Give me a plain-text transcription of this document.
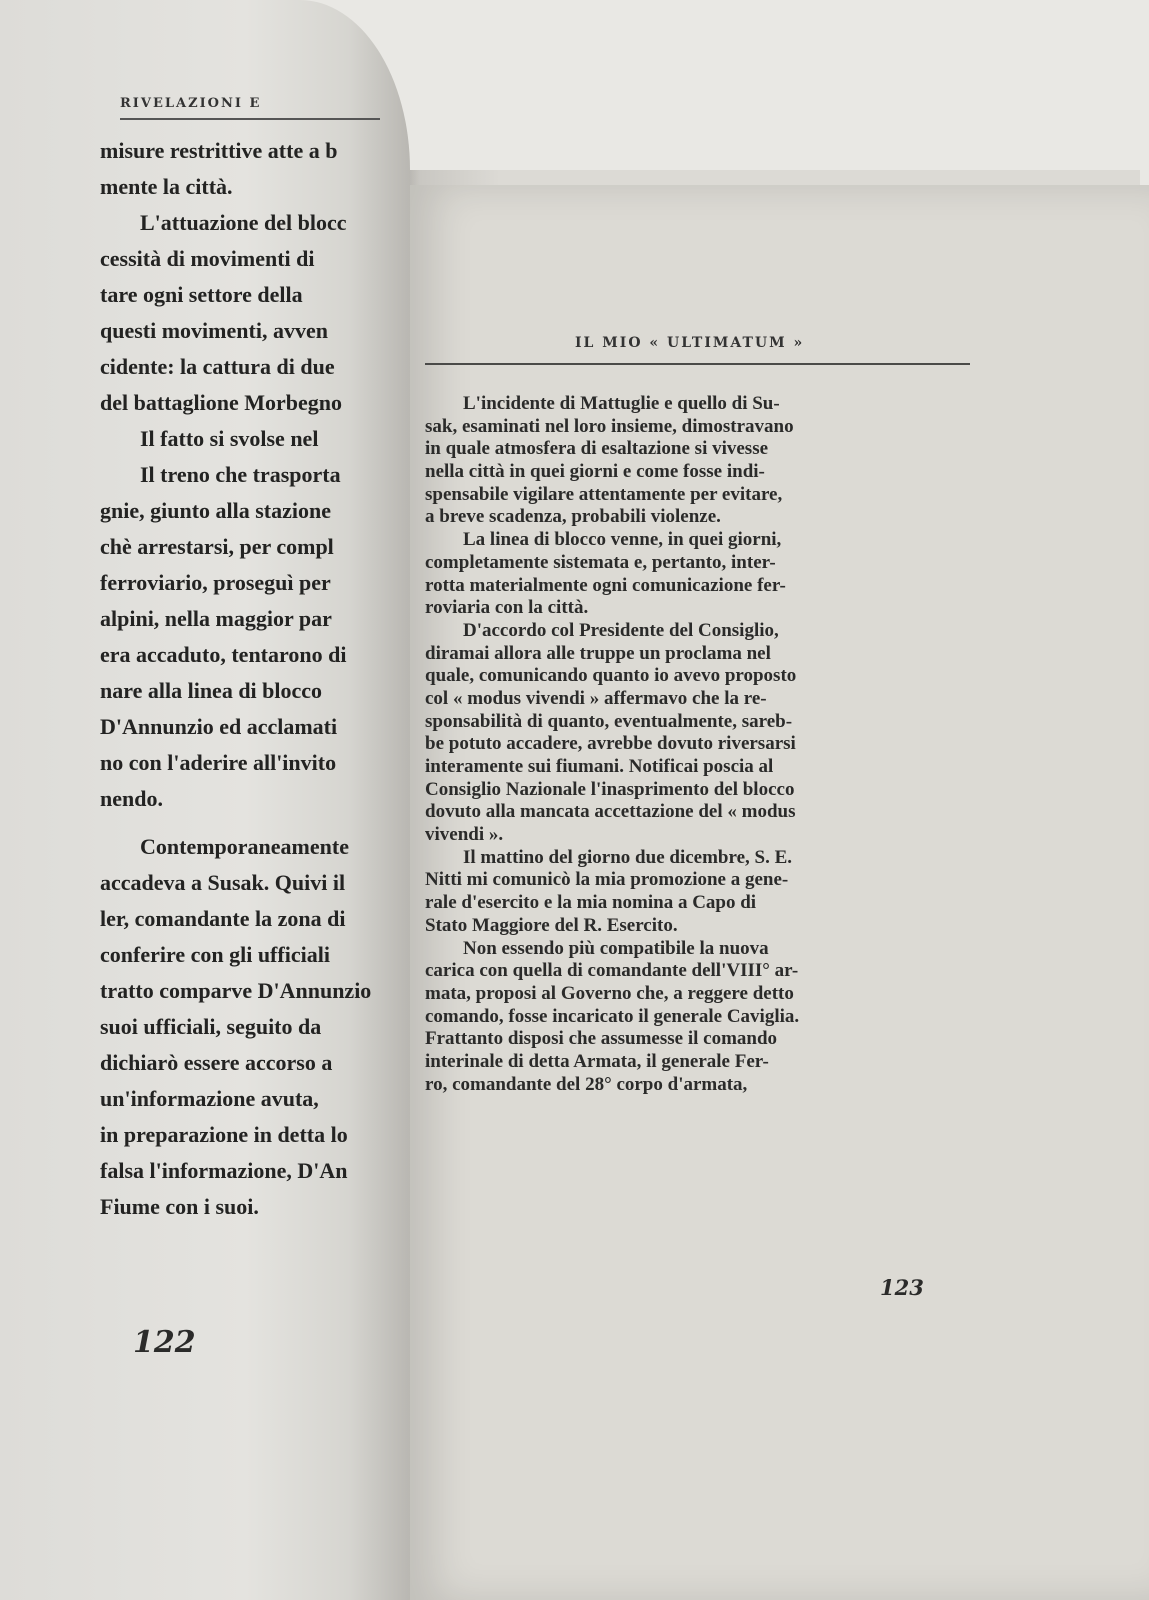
IL MIO « ULTIMATUM »
L'incidente di Mattuglie e quello di Su-
sak, esaminati nel loro insieme, dimostravano
in quale atmosfera di esaltazione si vivesse
nella città in quei giorni e come fosse indi-
spensabile vigilare attentamente per evitare,
a breve scadenza, probabili violenze.
La linea di blocco venne, in quei giorni,
completamente sistemata e, pertanto, inter-
rotta materialmente ogni comunicazione fer-
roviaria con la città.
D'accordo col Presidente del Consiglio,
diramai allora alle truppe un proclama nel
quale, comunicando quanto io avevo proposto
col « modus vivendi » affermavo che la re-
sponsabilità di quanto, eventualmente, sareb-
be potuto accadere, avrebbe dovuto riversarsi
interamente sui fiumani. Notificai poscia al
Consiglio Nazionale l'inasprimento del blocco
dovuto alla mancata accettazione del « modus
vivendi ».
Il mattino del giorno due dicembre, S. E.
Nitti mi comunicò la mia promozione a gene-
rale d'esercito e la mia nomina a Capo di
Stato Maggiore del R. Esercito.
Non essendo più compatibile la nuova
carica con quella di comandante dell'VIII° ar-
mata, proposi al Governo che, a reggere detto
comando, fosse incaricato il generale Caviglia.
Frattanto disposi che assumesse il comando
interinale di detta Armata, il generale Fer-
ro, comandante del 28° corpo d'armata,
123
RIVELAZIONI E
misure restrittive atte a b
mente la città.
L'attuazione del blocc
cessità di movimenti di
tare ogni settore della
questi movimenti, avven
cidente: la cattura di due
del battaglione Morbegno
Il fatto si svolse nel
Il treno che trasporta
gnie, giunto alla stazione
chè arrestarsi, per compl
ferroviario, proseguì per
alpini, nella maggior par
era accaduto, tentarono di
nare alla linea di blocco
D'Annunzio ed acclamati
no con l'aderire all'invito
nendo.
Contemporaneamente
accadeva a Susak. Quivi il
ler, comandante la zona di
conferire con gli ufficiali
tratto comparve D'Annunzio
suoi ufficiali, seguito da
dichiarò essere accorso a
un'informazione avuta,
in preparazione in detta lo
falsa l'informazione, D'An
Fiume con i suoi.
122
